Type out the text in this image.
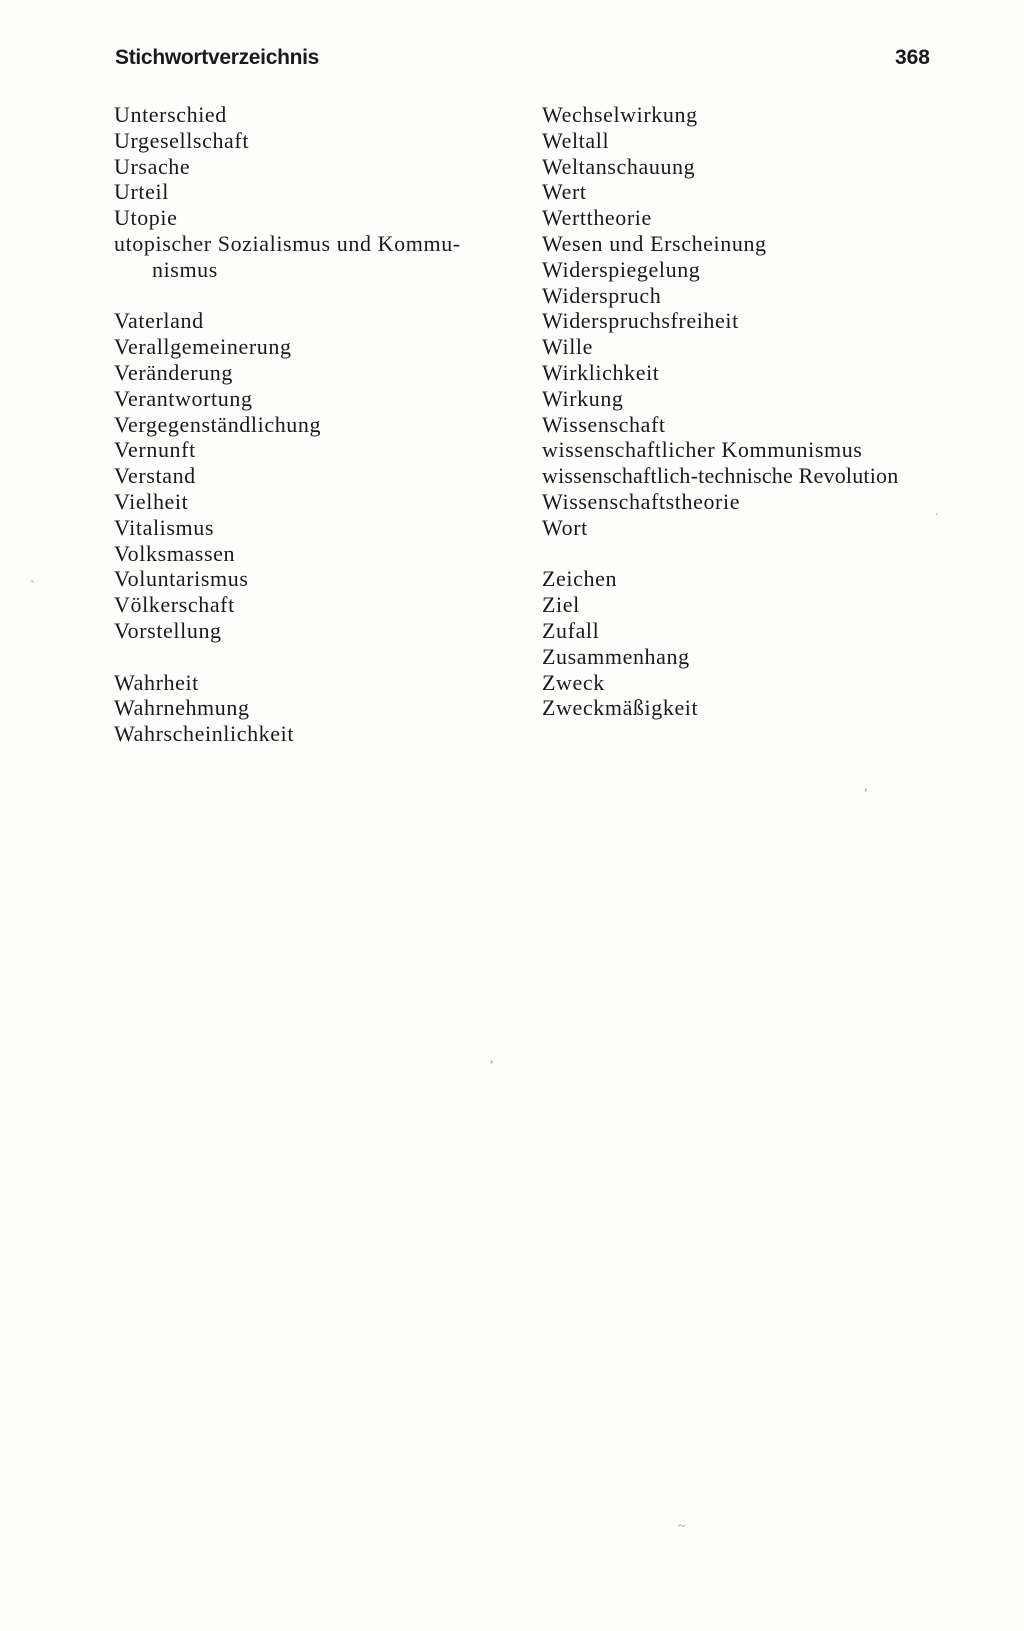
Stichwortverzeichnis	368
Unterschied
Urgesellschaft
Ursache
Urteil
Utopie
utopischer Sozialismus und Kommu-
nismus
Vaterland
Verallgemeinerung
Veränderung
Verantwortung
Vergegenständlichung
Vernunft
Verstand
Vielheit
Vitalismus
Volksmassen
Voluntarismus
Völkerschaft
Vorstellung
Wahrheit
Wahrnehmung
Wahrscheinlichkeit
Wechselwirkung
Weltall
Weltanschauung
Wert
Werttheorie
Wesen und Erscheinung
Widerspiegelung
Widerspruch
Widerspruchsfreiheit
Wille
Wirklichkeit
Wirkung
Wissenschaft
wissenschaftlicher Kommunismus
wissenschaftlich-technische Revolution
Wissenschaftstheorie
Wort
Zeichen
Ziel
Zufall
Zusammenhang
Zweck
Zweckmäßigkeit
`
,
,
~
.
